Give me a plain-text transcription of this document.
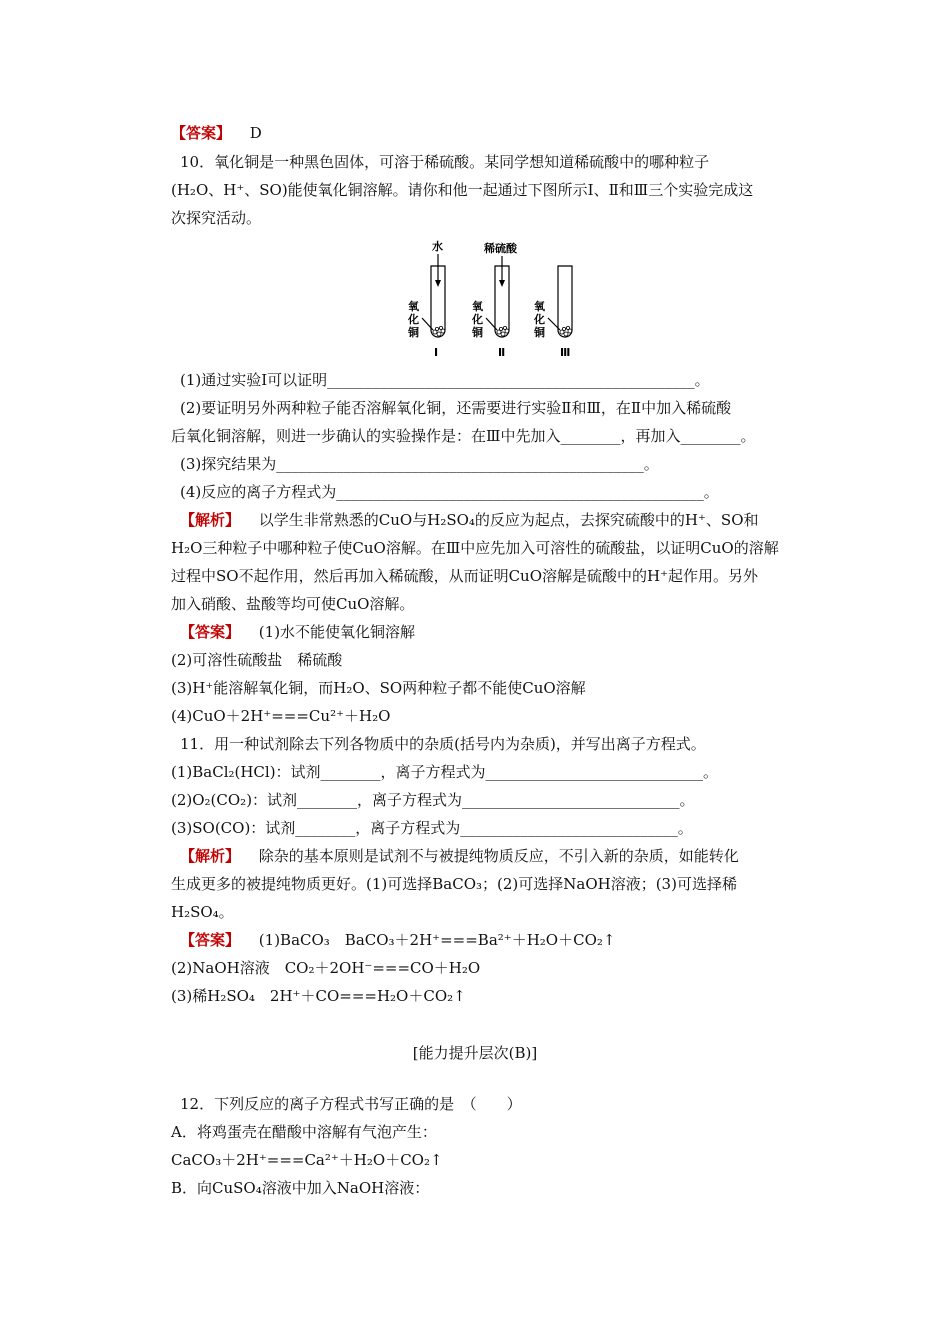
【答案】 D
10．氧化铜是一种黑色固体，可溶于稀硫酸。某同学想知道稀硫酸中的哪种粒子
(H₂O、H⁺、SO)能使氧化铜溶解。请你和他一起通过下图所示Ⅰ、Ⅱ和Ⅲ三个实验完成这
次探究活动。
水	稀硫酸
氧
化
铜
氧
化
铜
氧
化
铜
Ⅰ	Ⅱ	Ⅲ
(1)通过实验Ⅰ可以证明_________________________________________________。
(2)要证明另外两种粒子能否溶解氧化铜，还需要进行实验Ⅱ和Ⅲ，在Ⅱ中加入稀硫酸
后氧化铜溶解，则进一步确认的实验操作是：在Ⅲ中先加入________，再加入________。
(3)探究结果为_________________________________________________。
(4)反应的离子方程式为_________________________________________________。
【解析】 以学生非常熟悉的CuO与H₂SO₄的反应为起点，去探究硫酸中的H⁺、SO和
H₂O三种粒子中哪种粒子使CuO溶解。在Ⅲ中应先加入可溶性的硫酸盐，以证明CuO的溶解
过程中SO不起作用，然后再加入稀硫酸，从而证明CuO溶解是硫酸中的H⁺起作用。另外
加入硝酸、盐酸等均可使CuO溶解。
【答案】 (1)水不能使氧化铜溶解
(2)可溶性硫酸盐　稀硫酸
(3)H⁺能溶解氧化铜，而H₂O、SO两种粒子都不能使CuO溶解
(4)CuO＋2H⁺===Cu²⁺＋H₂O
11．用一种试剂除去下列各物质中的杂质(括号内为杂质)，并写出离子方程式。
(1)BaCl₂(HCl)：试剂________，离子方程式为_____________________________。
(2)O₂(CO₂)：试剂________，离子方程式为_____________________________。
(3)SO(CO)：试剂________，离子方程式为_____________________________。
【解析】 除杂的基本原则是试剂不与被提纯物质反应，不引入新的杂质，如能转化
生成更多的被提纯物质更好。(1)可选择BaCO₃；(2)可选择NaOH溶液；(3)可选择稀
H₂SO₄。
【答案】 (1)BaCO₃　BaCO₃＋2H⁺===Ba²⁺＋H₂O＋CO₂↑
(2)NaOH溶液　CO₂＋2OH⁻===CO＋H₂O
(3)稀H₂SO₄　2H⁺＋CO===H₂O＋CO₂↑
[能力提升层次(B)]
12．下列反应的离子方程式书写正确的是　（　　）
A．将鸡蛋壳在醋酸中溶解有气泡产生：
CaCO₃＋2H⁺===Ca²⁺＋H₂O＋CO₂↑
B．向CuSO₄溶液中加入NaOH溶液：
